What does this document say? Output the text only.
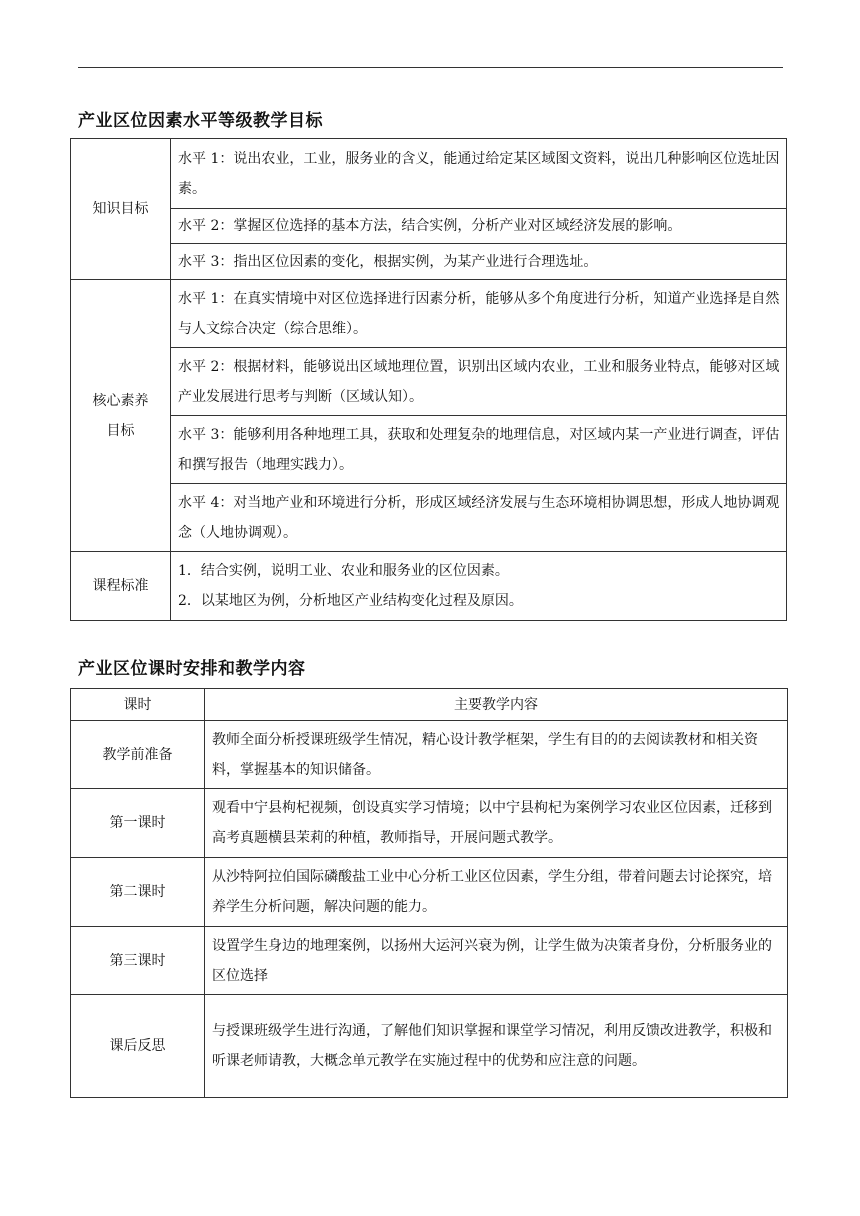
产业区位因素水平等级教学目标
知识目标	水平 1：说出农业，工业，服务业的含义，能通过给定某区域图文资料，说出几种影响区位选址因素。
	水平 2：掌握区位选择的基本方法，结合实例，分析产业对区域经济发展的影响。
	水平 3：指出区位因素的变化，根据实例，为某产业进行合理选址。

核心素养
目标	水平 1：在真实情境中对区位选择进行因素分析，能够从多个角度进行分析，知道产业选择是自然与人文综合决定（综合思维）。
	水平 2：根据材料，能够说出区域地理位置，识别出区域内农业，工业和服务业特点，能够对区域产业发展进行思考与判断（区域认知）。
	水平 3：能够利用各种地理工具，获取和处理复杂的地理信息，对区域内某一产业进行调查，评估和撰写报告（地理实践力）。
	水平 4：对当地产业和环境进行分析，形成区域经济发展与生态环境相协调思想，形成人地协调观念（人地协调观）。
课程标准	1．结合实例，说明工业、农业和服务业的区位因素。
2．以某地区为例，分析地区产业结构变化过程及原因。
产业区位课时安排和教学内容
课时	主要教学内容
教学前准备	教师全面分析授课班级学生情况，精心设计教学框架，学生有目的的去阅读教材和相关资料，掌握基本的知识储备。
第一课时	观看中宁县枸杞视频，创设真实学习情境；以中宁县枸杞为案例学习农业区位因素，迁移到高考真题横县茉莉的种植，教师指导，开展问题式教学。
第二课时	从沙特阿拉伯国际磷酸盐工业中心分析工业区位因素，学生分组，带着问题去讨论探究，培养学生分析问题，解决问题的能力。
第三课时	设置学生身边的地理案例，以扬州大运河兴衰为例，让学生做为决策者身份，分析服务业的区位选择
课后反思	与授课班级学生进行沟通，了解他们知识掌握和课堂学习情况，利用反馈改进教学，积极和听课老师请教，大概念单元教学在实施过程中的优势和应注意的问题。
